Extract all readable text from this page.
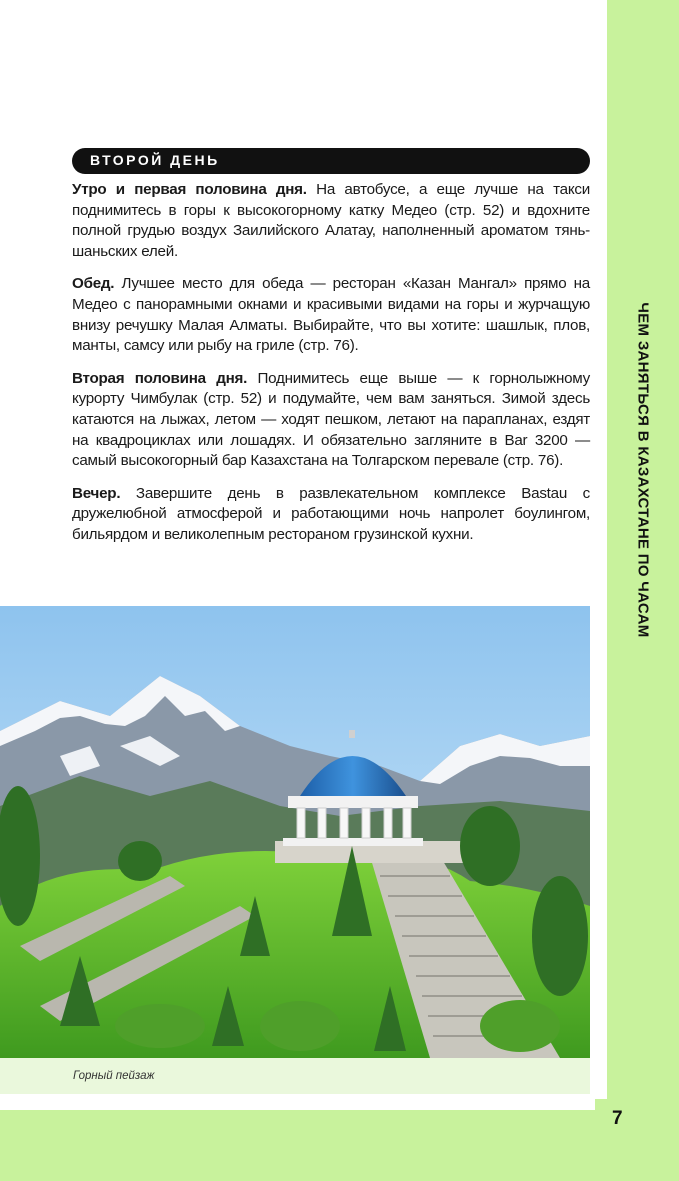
ЧЕМ ЗАНЯТЬСЯ В КАЗАХСТАНЕ ПО ЧАСАМ
ВТОРОЙ ДЕНЬ

Утро и первая половина дня. На автобусе, а еще лучше на такси поднимитесь в горы к высокогорному катку Медео (стр. 52) и вдохните полной грудью воздух Заилийского Алатау, наполненный ароматом тянь-шаньских елей.

Обед. Лучшее место для обеда — ресторан «Казан Мангал» прямо на Медео с панорамными окнами и красивыми видами на горы и журчащую внизу речушку Малая Алматы. Выбирайте, что вы хотите: шашлык, плов, манты, самсу или рыбу на гриле (стр. 76).

Вторая половина дня. Поднимитесь еще выше — к горнолыжному курорту Чимбулак (стр. 52) и подумайте, чем вам заняться. Зимой здесь катаются на лыжах, летом — ходят пешком, летают на парапланах, ездят на квадроциклах или лошадях. И обязательно загляните в Bar 3200 — самый высокогорный бар Казахстана на Толгарском перевале (стр. 76).

Вечер. Завершите день в развлекательном комплексе Bastau с дружелюбной атмосферой и работающими ночь напролет боулингом, бильярдом и великолепным рестораном грузинской кухни.

Горный пейзаж
7
